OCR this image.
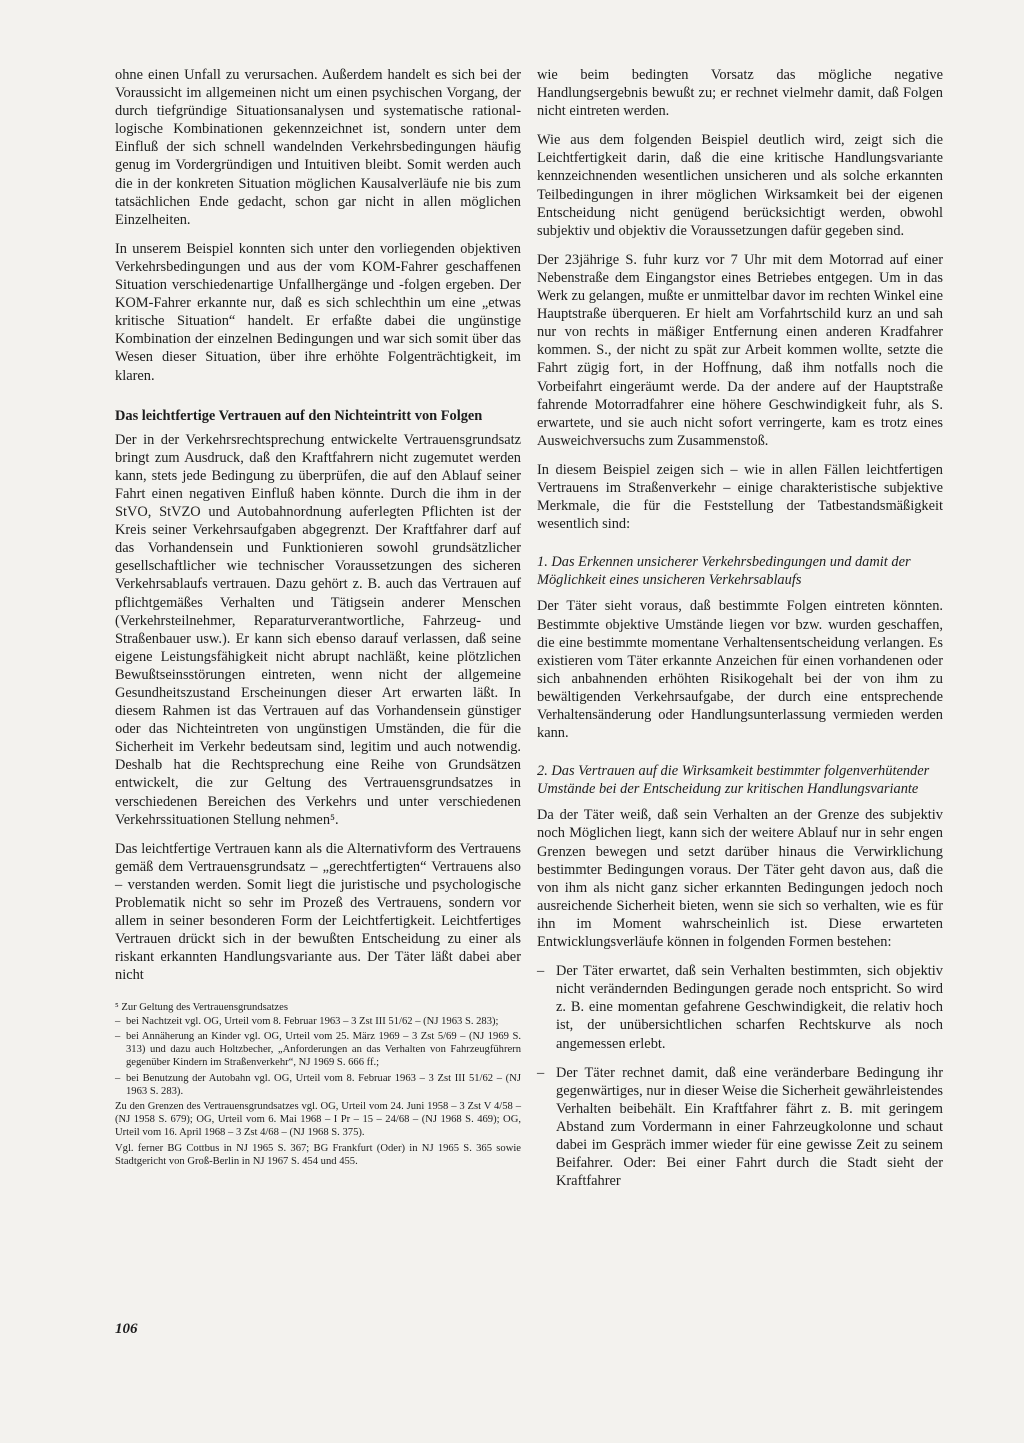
ohne einen Unfall zu verursachen. Außerdem handelt es sich bei der Voraussicht im allgemeinen nicht um einen psychischen Vorgang, der durch tiefgründige Situationsanalysen und systematische rational-logische Kombinationen gekennzeichnet ist, sondern unter dem Einfluß der sich schnell wandelnden Verkehrsbedingungen häufig genug im Vordergründigen und Intuitiven bleibt. Somit werden auch die in der konkreten Situation möglichen Kausalverläufe nie bis zum tatsächlichen Ende gedacht, schon gar nicht in allen möglichen Einzelheiten.

In unserem Beispiel konnten sich unter den vorliegenden objektiven Verkehrsbedingungen und aus der vom KOM-Fahrer geschaffenen Situation verschiedenartige Unfallhergänge und -folgen ergeben. Der KOM-Fahrer erkannte nur, daß es sich schlechthin um eine „etwas kritische Situation“ handelt. Er erfaßte dabei die ungünstige Kombination der einzelnen Bedingungen und war sich somit über das Wesen dieser Situation, über ihre erhöhte Folgenträchtigkeit, im klaren.

Das leichtfertige Vertrauen auf den Nichteintritt von Folgen

Der in der Verkehrsrechtsprechung entwickelte Vertrauensgrundsatz bringt zum Ausdruck, daß den Kraftfahrern nicht zugemutet werden kann, stets jede Bedingung zu überprüfen, die auf den Ablauf seiner Fahrt einen negativen Einfluß haben könnte. Durch die ihm in der StVO, StVZO und Autobahnordnung auferlegten Pflichten ist der Kreis seiner Verkehrsaufgaben abgegrenzt. Der Kraftfahrer darf auf das Vorhandensein und Funktionieren sowohl grundsätzlicher gesellschaftlicher wie technischer Voraussetzungen des sicheren Verkehrsablaufs vertrauen. Dazu gehört z. B. auch das Vertrauen auf pflichtgemäßes Verhalten und Tätigsein anderer Menschen (Verkehrsteilnehmer, Reparaturverantwortliche, Fahrzeug- und Straßenbauer usw.). Er kann sich ebenso darauf verlassen, daß seine eigene Leistungsfähigkeit nicht abrupt nachläßt, keine plötzlichen Bewußtseinsstörungen eintreten, wenn nicht der allgemeine Gesundheitszustand Erscheinungen dieser Art erwarten läßt. In diesem Rahmen ist das Vertrauen auf das Vorhandensein günstiger oder das Nichteintreten von ungünstigen Umständen, die für die Sicherheit im Verkehr bedeutsam sind, legitim und auch notwendig. Deshalb hat die Rechtsprechung eine Reihe von Grundsätzen entwickelt, die zur Geltung des Vertrauensgrundsatzes in verschiedenen Bereichen des Verkehrs und unter verschiedenen Verkehrssituationen Stellung nehmen⁵.

Das leichtfertige Vertrauen kann als die Alternativform des Vertrauens gemäß dem Vertrauensgrundsatz – „gerechtfertigten“ Vertrauens also – verstanden werden. Somit liegt die juristische und psychologische Problematik nicht so sehr im Prozeß des Vertrauens, sondern vor allem in seiner besonderen Form der Leichtfertigkeit. Leichtfertiges Vertrauen drückt sich in der bewußten Entscheidung zu einer als riskant erkannten Handlungsvariante aus. Der Täter läßt dabei aber nicht

⁵ Zur Geltung des Vertrauensgrundsatzes

– bei Nachtzeit vgl. OG, Urteil vom 8. Februar 1963 – 3 Zst III 51/62 – (NJ 1963 S. 283);

– bei Annäherung an Kinder vgl. OG, Urteil vom 25. März 1969 – 3 Zst 5/69 – (NJ 1969 S. 313) und dazu auch Holtzbecher, „Anforderungen an das Verhalten von Fahrzeugführern gegenüber Kindern im Straßenverkehr“, NJ 1969 S. 666 ff.;

– bei Benutzung der Autobahn vgl. OG, Urteil vom 8. Februar 1963 – 3 Zst III 51/62 – (NJ 1963 S. 283).

Zu den Grenzen des Vertrauensgrundsatzes vgl. OG, Urteil vom 24. Juni 1958 – 3 Zst V 4/58 – (NJ 1958 S. 679); OG, Urteil vom 6. Mai 1968 – I Pr – 15 – 24/68 – (NJ 1968 S. 469); OG, Urteil vom 16. April 1968 – 3 Zst 4/68 – (NJ 1968 S. 375).

Vgl. ferner BG Cottbus in NJ 1965 S. 367; BG Frankfurt (Oder) in NJ 1965 S. 365 sowie Stadtgericht von Groß-Berlin in NJ 1967 S. 454 und 455.

wie beim bedingten Vorsatz das mögliche negative Handlungsergebnis bewußt zu; er rechnet vielmehr damit, daß Folgen nicht eintreten werden.

Wie aus dem folgenden Beispiel deutlich wird, zeigt sich die Leichtfertigkeit darin, daß die eine kritische Handlungsvariante kennzeichnenden wesentlichen unsicheren und als solche erkannten Teilbedingungen in ihrer möglichen Wirksamkeit bei der eigenen Entscheidung nicht genügend berücksichtigt werden, obwohl subjektiv und objektiv die Voraussetzungen dafür gegeben sind.

Der 23jährige S. fuhr kurz vor 7 Uhr mit dem Motorrad auf einer Nebenstraße dem Eingangstor eines Betriebes entgegen. Um in das Werk zu gelangen, mußte er unmittelbar davor im rechten Winkel eine Hauptstraße überqueren. Er hielt am Vorfahrtschild kurz an und sah nur von rechts in mäßiger Entfernung einen anderen Kradfahrer kommen. S., der nicht zu spät zur Arbeit kommen wollte, setzte die Fahrt zügig fort, in der Hoffnung, daß ihm notfalls noch die Vorbeifahrt eingeräumt werde. Da der andere auf der Hauptstraße fahrende Motorradfahrer eine höhere Geschwindigkeit fuhr, als S. erwartete, und sie auch nicht sofort verringerte, kam es trotz eines Ausweichversuchs zum Zusammenstoß.

In diesem Beispiel zeigen sich – wie in allen Fällen leichtfertigen Vertrauens im Straßenverkehr – einige charakteristische subjektive Merkmale, die für die Feststellung der Tatbestandsmäßigkeit wesentlich sind:

1. Das Erkennen unsicherer Verkehrsbedingungen und damit der Möglichkeit eines unsicheren Verkehrsablaufs

Der Täter sieht voraus, daß bestimmte Folgen eintreten könnten. Bestimmte objektive Umstände liegen vor bzw. wurden geschaffen, die eine bestimmte momentane Verhaltensentscheidung verlangen. Es existieren vom Täter erkannte Anzeichen für einen vorhandenen oder sich anbahnenden erhöhten Risikogehalt bei der von ihm zu bewältigenden Verkehrsaufgabe, der durch eine entsprechende Verhaltensänderung oder Handlungsunterlassung vermieden werden kann.

2. Das Vertrauen auf die Wirksamkeit bestimmter folgenverhütender Umstände bei der Entscheidung zur kritischen Handlungsvariante

Da der Täter weiß, daß sein Verhalten an der Grenze des subjektiv noch Möglichen liegt, kann sich der weitere Ablauf nur in sehr engen Grenzen bewegen und setzt darüber hinaus die Verwirklichung bestimmter Bedingungen voraus. Der Täter geht davon aus, daß die von ihm als nicht ganz sicher erkannten Bedingungen jedoch noch ausreichende Sicherheit bieten, wenn sie sich so verhalten, wie es für ihn im Moment wahrscheinlich ist. Diese erwarteten Entwicklungsverläufe können in folgenden Formen bestehen:

– Der Täter erwartet, daß sein Verhalten bestimmten, sich objektiv nicht verändernden Bedingungen gerade noch entspricht. So wird z. B. eine momentan gefahrene Geschwindigkeit, die relativ hoch ist, der unübersichtlichen scharfen Rechtskurve als noch angemessen erlebt.
– Der Täter rechnet damit, daß eine veränderbare Bedingung ihr gegenwärtiges, nur in dieser Weise die Sicherheit gewährleistendes Verhalten beibehält. Ein Kraftfahrer fährt z. B. mit geringem Abstand zum Vordermann in einer Fahrzeugkolonne und schaut dabei im Gespräch immer wieder für eine gewisse Zeit zu seinem Beifahrer. Oder: Bei einer Fahrt durch die Stadt sieht der Kraftfahrer
106
